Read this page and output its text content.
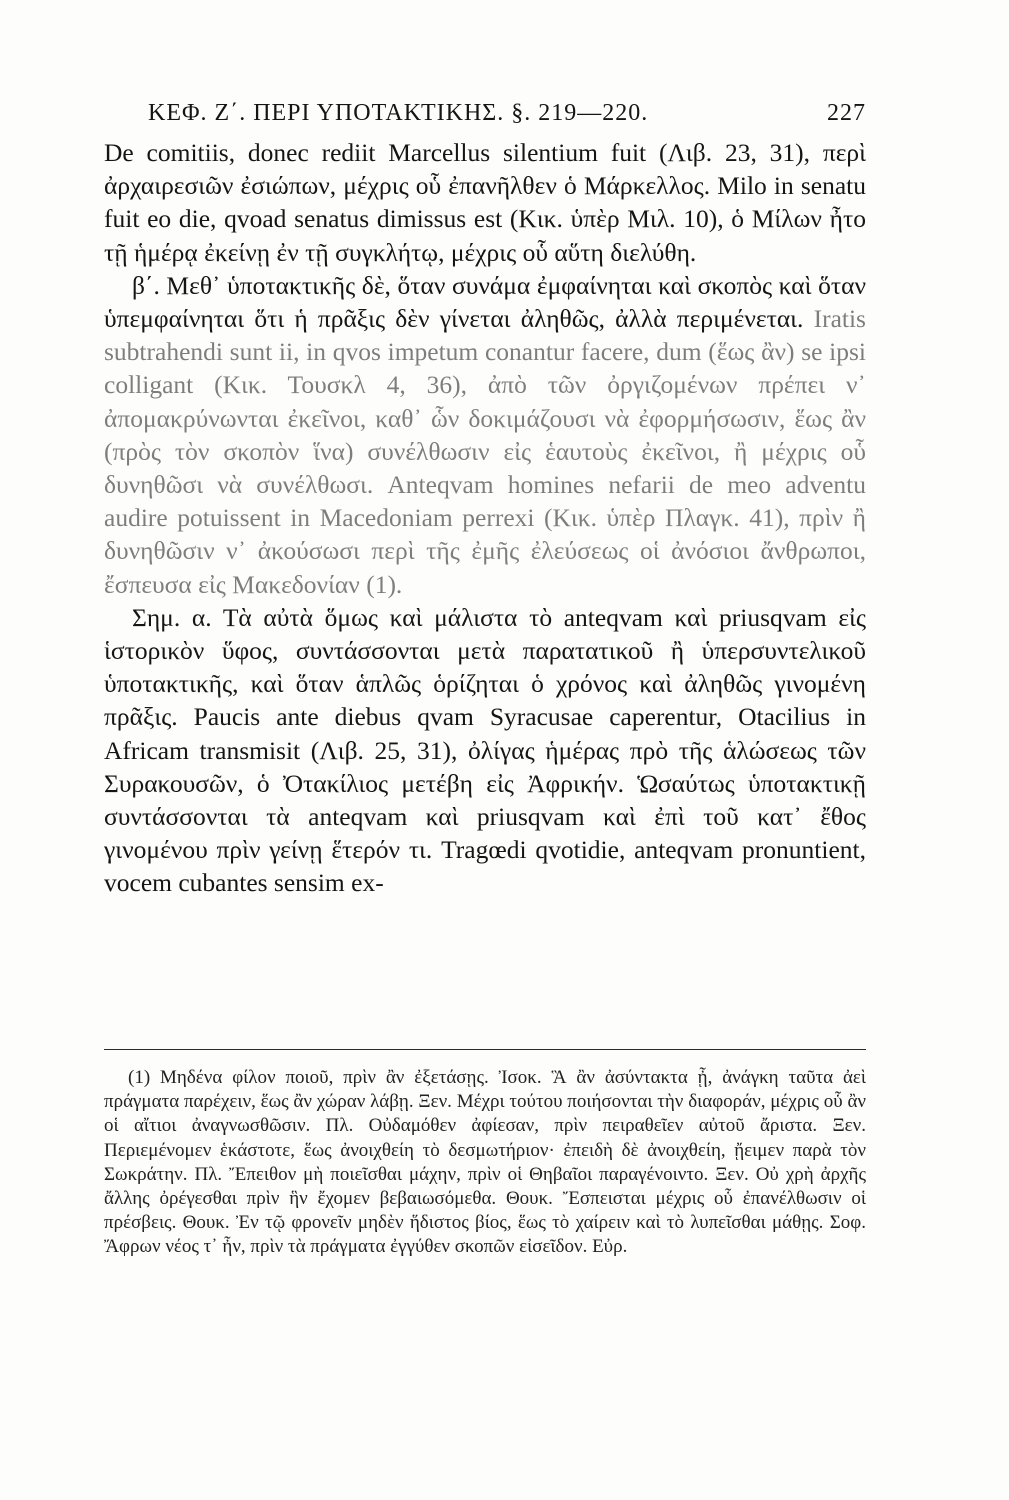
ΚΕΦ. Ζ΄. ΠΕΡΙ ΥΠΟΤΑΚΤΙΚΗΣ. §. 219—220.	227

De comitiis, donec rediit Marcellus silentium fuit (Λιβ. 23, 31), περὶ ἀρχαιρεσιῶν ἐσιώπων, μέχρις οὗ ἐπανῆλθεν ὁ Μάρκελλος. Milo in senatu fuit eo die, qvoad senatus dimissus est (Κικ. ὑπὲρ Μιλ. 10), ὁ Μίλων ἦτο τῇ ἡμέρᾳ ἐκείνῃ ἐν τῇ συγκλήτῳ, μέχρις οὗ αὕτη διελύθη.

β΄. Μεθ᾽ ὑποτακτικῆς δὲ, ὅταν συνάμα ἐμφαίνηται καὶ σκοπὸς καὶ ὅταν ὑπεμφαίνηται ὅτι ἡ πρᾶξις δὲν γίνεται ἀληθῶς, ἀλλὰ περιμένεται. Iratis subtrahendi sunt ii, in qvos impetum conantur facere, dum (ἕως ἂν) se ipsi colligant (Κικ. Τουσκλ 4, 36), ἀπὸ τῶν ὀργιζομένων πρέπει ν᾽ ἀπομακρύνωνται ἐκεῖνοι, καθ᾽ ὧν δοκιμάζουσι νὰ ἐφορμήσωσιν, ἕως ἂν (πρὸς τὸν σκοπὸν ἵνα) συνέλθωσιν εἰς ἑαυτοὺς ἐκεῖνοι, ἢ μέχρις οὗ δυνηθῶσι νὰ συνέλθωσι. Anteqvam homines nefarii de meo adventu audire potuissent in Macedoniam perrexi (Κικ. ὑπὲρ Πλαγκ. 41), πρὶν ἢ δυνηθῶσιν ν᾽ ἀκούσωσι περὶ τῆς ἐμῆς ἐλεύσεως οἱ ἀνόσιοι ἄνθρωποι, ἔσπευσα εἰς Μακεδονίαν (1).

Σημ. α. Τὰ αὐτὰ ὅμως καὶ μάλιστα τὸ anteqvam καὶ priusqvam εἰς ἱστορικὸν ὕφος, συντάσσονται μετὰ παρατατικοῦ ἢ ὑπερσυντελικοῦ ὑποτακτικῆς, καὶ ὅταν ἁπλῶς ὁρίζηται ὁ χρόνος καὶ ἀληθῶς γινομένη πρᾶξις. Paucis ante diebus qvam Syracusae caperentur, Otacilius in Africam transmisit (Λιβ. 25, 31), ὀλίγας ἡμέρας πρὸ τῆς ἁλώσεως τῶν Συρακουσῶν, ὁ Ὀτακίλιος μετέβη εἰς Ἀφρικήν. Ὡσαύτως ὑποτακτικῇ συντάσσονται τὰ anteqvam καὶ priusqvam καὶ ἐπὶ τοῦ κατ᾽ ἔθος γινομένου πρὶν γείνῃ ἕτερόν τι. Tragœdi qvotidie, anteqvam pronuntient, vocem cubantes sensim ex-

(1) Μηδένα φίλον ποιοῦ, πρὶν ἂν ἐξετάσῃς. Ἰσοκ. Ἃ ἂν ἀσύντακτα ᾖ, ἀνάγκη ταῦτα ἀεὶ πράγματα παρέχειν, ἕως ἂν χώραν λάβῃ. Ξεν. Μέχρι τούτου ποιήσονται τὴν διαφοράν, μέχρις οὗ ἂν οἱ αἴτιοι ἀναγνωσθῶσιν. Πλ. Οὐδαμόθεν ἀφίεσαν, πρὶν πειραθεῖεν αὐτοῦ ἄριστα. Ξεν. Περιεμένομεν ἑκάστοτε, ἕως ἀνοιχθείη τὸ δεσμωτήριον· ἐπειδὴ δὲ ἀνοιχθείη, ᾔειμεν παρὰ τὸν Σωκράτην. Πλ. Ἔπειθον μὴ ποιεῖσθαι μάχην, πρὶν οἱ Θηβαῖοι παραγένοιντο. Ξεν. Οὐ χρὴ ἀρχῆς ἄλλης ὀρέγεσθαι πρὶν ἣν ἔχομεν βεβαιωσόμεθα. Θουκ. Ἔσπεισται μέχρις οὗ ἐπανέλθωσιν οἱ πρέσβεις. Θουκ. Ἐν τῷ φρονεῖν μηδὲν ἥδιστος βίος, ἕως τὸ χαίρειν καὶ τὸ λυπεῖσθαι μάθῃς. Σοφ. Ἄφρων νέος τ᾽ ἦν, πρὶν τὰ πράγματα ἐγγύθεν σκοπῶν εἰσεῖδον. Εὐρ.
